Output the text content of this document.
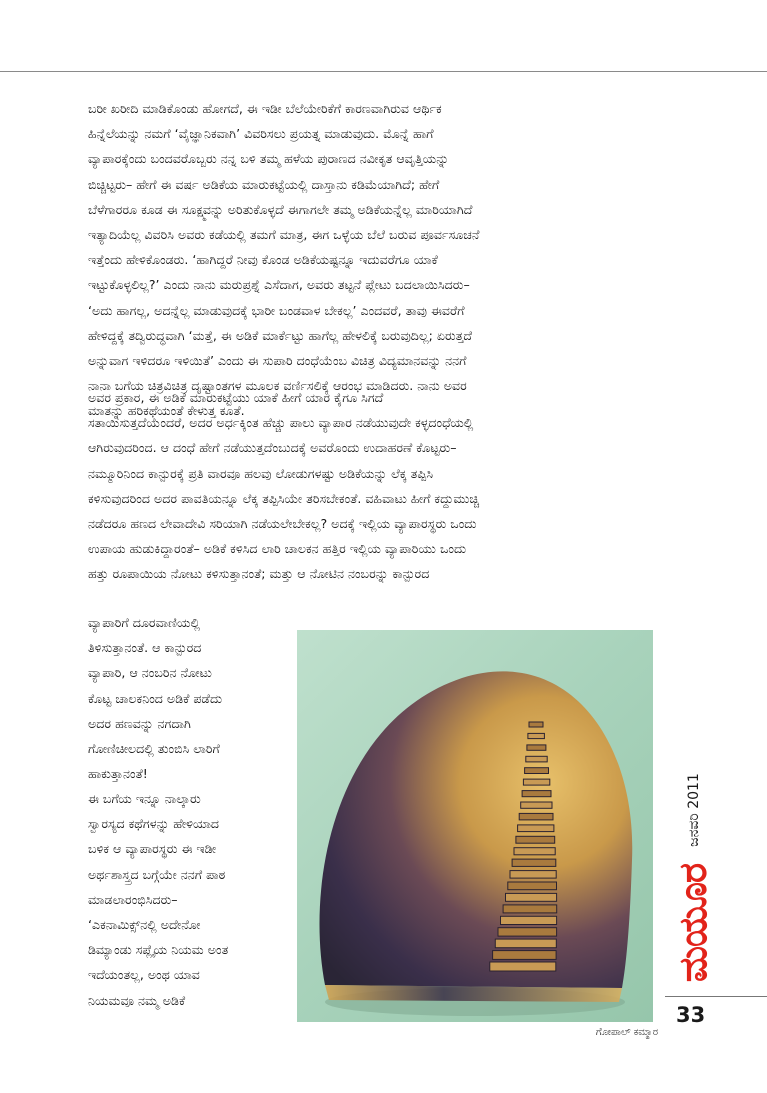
ಬರೀ ಖರೀದಿ ಮಾಡಿಕೊಂಡು ಹೋಗದೆ, ಈ ಇಡೀ ಬೆಲೆಯೇರಿಕೆಗೆ ಕಾರಣವಾಗಿರುವ ಆರ್ಥಿಕ
ಹಿನ್ನೆಲೆಯನ್ನು ನಮಗೆ ‘ವೈಜ್ಞಾನಿಕವಾಗಿ’ ವಿವರಿಸಲು ಪ್ರಯತ್ನ ಮಾಡುವುದು. ಮೊನ್ನೆ ಹಾಗೆ
ವ್ಯಾಪಾರಕ್ಕೆಂದು ಬಂದವರೊಬ್ಬರು ನನ್ನ ಬಳಿ ತಮ್ಮ ಹಳೆಯ ಪುರಾಣದ ನವೀಕೃತ ಆವೃತ್ತಿಯನ್ನು
ಬಿಚ್ಚಿಟ್ಟರು– ಹೇಗೆ ಈ ವರ್ಷ ಅಡಿಕೆಯ ಮಾರುಕಟ್ಟೆಯಲ್ಲಿ ದಾಸ್ತಾನು ಕಡಿಮೆಯಾಗಿದೆ; ಹೇಗೆ
ಬೆಳೆಗಾರರೂ ಕೂಡ ಈ ಸೂಕ್ಷ್ಮವನ್ನು ಅರಿತುಕೊಳ್ಳದೆ ಈಗಾಗಲೇ ತಮ್ಮ ಅಡಿಕೆಯನ್ನೆಲ್ಲ ಮಾರಿಯಾಗಿದೆ
ಇತ್ಯಾದಿಯೆಲ್ಲ ವಿವರಿಸಿ ಅವರು ಕಡೆಯಲ್ಲಿ ತಮಗೆ ಮಾತ್ರ, ಈಗ ಒಳ್ಳೆಯ ಬೆಲೆ ಬರುವ ಪೂರ್ವಸೂಚನೆ
ಇತ್ತೆಂದು ಹೇಳಿಕೊಂಡರು. ‘ಹಾಗಿದ್ದರೆ ನೀವು ಕೊಂಡ ಅಡಿಕೆಯಷ್ಟನ್ನೂ ಇದುವರೆಗೂ ಯಾಕೆ
ಇಟ್ಟುಕೊಳ್ಳಲಿಲ್ಲ?’ ಎಂದು ನಾನು ಮರುಪ್ರಶ್ನೆ ಎಸೆದಾಗ, ಅವರು ತಟ್ಟನೆ ಪ್ಲೇಟು ಬದಲಾಯಿಸಿದರು–
‘ಅದು ಹಾಗಲ್ಲ, ಅದನ್ನೆಲ್ಲ ಮಾಡುವುದಕ್ಕೆ ಭಾರೀ ಬಂಡವಾಳ ಬೇಕಲ್ಲ’ ಎಂದವರೆ, ತಾವು ಈವರೆಗೆ
ಹೇಳಿದ್ದಕ್ಕೆ ತದ್ವಿರುದ್ಧವಾಗಿ ‘ಮತ್ತೆ, ಈ ಅಡಿಕೆ ಮಾರ್ಕೆಟ್ಟು ಹಾಗೆಲ್ಲ ಹೇಳಲಿಕ್ಕೆ ಬರುವುದಿಲ್ಲ; ಏರುತ್ತದೆ
ಅನ್ನುವಾಗ ಇಳಿದರೂ ಇಳಿಯಿತೆ’ ಎಂದು ಈ ಸುಪಾರಿ ದಂಧೆಯೆಂಬ ವಿಚಿತ್ರ ವಿದ್ಯಮಾನವನ್ನು ನನಗೆ
ನಾನಾ ಬಗೆಯ ಚಿತ್ರವಿಚಿತ್ರ ದೃಷ್ಟಾಂತಗಳ ಮೂಲಕ ವರ್ಣಿಸಲಿಕ್ಕೆ ಆರಂಭ ಮಾಡಿದರು. ನಾನು ಅವರ
ಮಾತನ್ನು ಹರಿಕಥೆಯಂತೆ ಕೇಳುತ್ತ ಕೂತೆ.
ಅವರ ಪ್ರಕಾರ, ಈ ಅಡಿಕೆ ಮಾರುಕಟ್ಟೆಯು ಯಾಕೆ ಹೀಗೆ ಯಾರ ಕೈಗೂ ಸಿಗದೆ
ಸತಾಯಿಸುತ್ತದೆಯೆಂದರೆ, ಅದರ ಅರ್ಧಕ್ಕಿಂತ ಹೆಚ್ಚು ಪಾಲು ವ್ಯಾಪಾರ ನಡೆಯುವುದೇ ಕಳ್ಳದಂಧೆಯಲ್ಲಿ
ಆಗಿರುವುದರಿಂದ. ಆ ದಂಧೆ ಹೇಗೆ ನಡೆಯುತ್ತದೆಂಬುದಕ್ಕೆ ಅವರೊಂದು ಉದಾಹರಣೆ ಕೊಟ್ಟರು–
ನಮ್ಮೂರಿನಿಂದ ಕಾನ್ಪುರಕ್ಕೆ ಪ್ರತಿ ವಾರವೂ ಹಲವು ಲೋಡುಗಳಷ್ಟು ಅಡಿಕೆಯನ್ನು ಲೆಕ್ಕ ತಪ್ಪಿಸಿ
ಕಳಿಸುವುದರಿಂದ ಅದರ ಪಾವತಿಯನ್ನೂ ಲೆಕ್ಕ ತಪ್ಪಿಸಿಯೇ ತರಿಸಬೇಕಂತೆ. ವಹಿವಾಟು ಹೀಗೆ ಕದ್ದುಮುಚ್ಚಿ
ನಡೆದರೂ ಹಣದ ಲೇವಾದೇವಿ ಸರಿಯಾಗಿ ನಡೆಯಲೇಬೇಕಲ್ಲ? ಅದಕ್ಕೆ ಇಲ್ಲಿಯ ವ್ಯಾಪಾರಸ್ಥರು ಒಂದು
ಉಪಾಯ ಹುಡುಕಿದ್ದಾರಂತೆ– ಅಡಿಕೆ ಕಳಿಸಿದ ಲಾರಿ ಚಾಲಕನ ಹತ್ತಿರ ಇಲ್ಲಿಯ ವ್ಯಾಪಾರಿಯು ಒಂದು
ಹತ್ತು ರೂಪಾಯಿಯ ನೋಟು ಕಳಿಸುತ್ತಾನಂತೆ; ಮತ್ತು ಆ ನೋಟಿನ ನಂಬರನ್ನು ಕಾನ್ಪುರದ
ವ್ಯಾಪಾರಿಗೆ ದೂರವಾಣಿಯಲ್ಲಿ
ತಿಳಿಸುತ್ತಾನಂತೆ. ಆ ಕಾನ್ಪುರದ
ವ್ಯಾಪಾರಿ, ಆ ನಂಬರಿನ ನೋಟು
ಕೊಟ್ಟ ಚಾಲಕನಿಂದ ಅಡಿಕೆ ಪಡೆದು
ಅದರ ಹಣವನ್ನು ನಗದಾಗಿ
ಗೋಣಿಚೀಲದಲ್ಲಿ ತುಂಬಿಸಿ ಲಾರಿಗೆ
ಹಾಕುತ್ತಾನಂತೆ!
ಈ ಬಗೆಯ ಇನ್ನೂ ನಾಲ್ಕಾರು
ಸ್ವಾರಸ್ಯದ ಕಥೆಗಳನ್ನು ಹೇಳಿಯಾದ
ಬಳಿಕ ಆ ವ್ಯಾಪಾರಸ್ಥರು ಈ ಇಡೀ
ಅರ್ಥಶಾಸ್ತ್ರದ ಬಗ್ಗೆಯೇ ನನಗೆ ಪಾಠ
ಮಾಡಲಾರಂಭಿಸಿದರು–
‘ಎಕನಾಮಿಕ್ಸ್‌ನಲ್ಲಿ ಅದೇನೋ
ಡಿಮ್ಯಾಂಡು ಸಪ್ಲೈಯ ನಿಯಮ ಅಂತ
ಇದೆಯಂತಲ್ಲ, ಅಂಥ ಯಾವ
ನಿಯಮವೂ ನಮ್ಮ ಅಡಿಕೆ
ಗೋಪಾಲ್ ಕಮ್ಮಾರ
ಜನವರಿ 2011
ಮಯೂರ
33
